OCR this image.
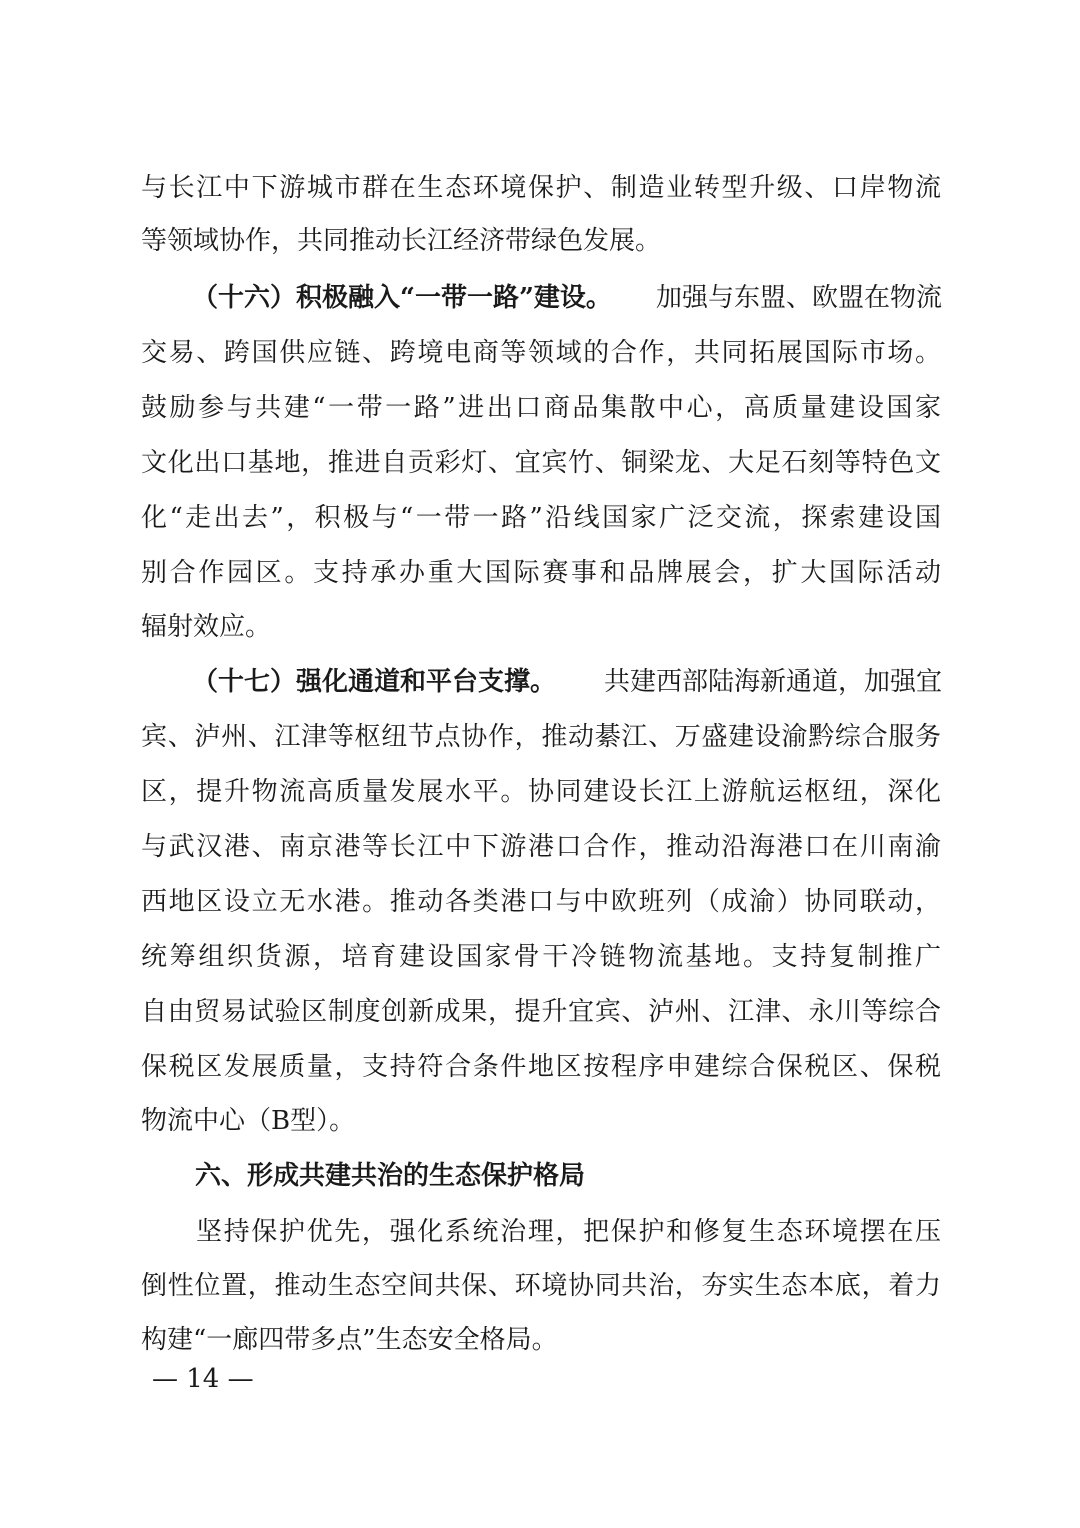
与长江中下游城市群在生态环境保护、制造业转型升级、口岸物流
等领域协作，共同推动长江经济带绿色发展。
（十六）积极融入“一带一路”建设。 加强与东盟、欧盟在物流
交易、跨国供应链、跨境电商等领域的合作，共同拓展国际市场。
鼓励参与共建“一带一路”进出口商品集散中心，高质量建设国家
文化出口基地，推进自贡彩灯、宜宾竹、铜梁龙、大足石刻等特色文
化“走出去”，积极与“一带一路”沿线国家广泛交流，探索建设国
别合作园区。支持承办重大国际赛事和品牌展会，扩大国际活动
辐射效应。
（十七）强化通道和平台支撑。 共建西部陆海新通道，加强宜
宾、泸州、江津等枢纽节点协作，推动綦江、万盛建设渝黔综合服务
区，提升物流高质量发展水平。协同建设长江上游航运枢纽，深化
与武汉港、南京港等长江中下游港口合作，推动沿海港口在川南渝
西地区设立无水港。推动各类港口与中欧班列（成渝）协同联动，
统筹组织货源，培育建设国家骨干冷链物流基地。支持复制推广
自由贸易试验区制度创新成果，提升宜宾、泸州、江津、永川等综合
保税区发展质量，支持符合条件地区按程序申建综合保税区、保税
物流中心（B型）。
六、形成共建共治的生态保护格局
坚持保护优先，强化系统治理，把保护和修复生态环境摆在压
倒性位置，推动生态空间共保、环境协同共治，夯实生态本底，着力
构建“一廊四带多点”生态安全格局。
— 14 —
